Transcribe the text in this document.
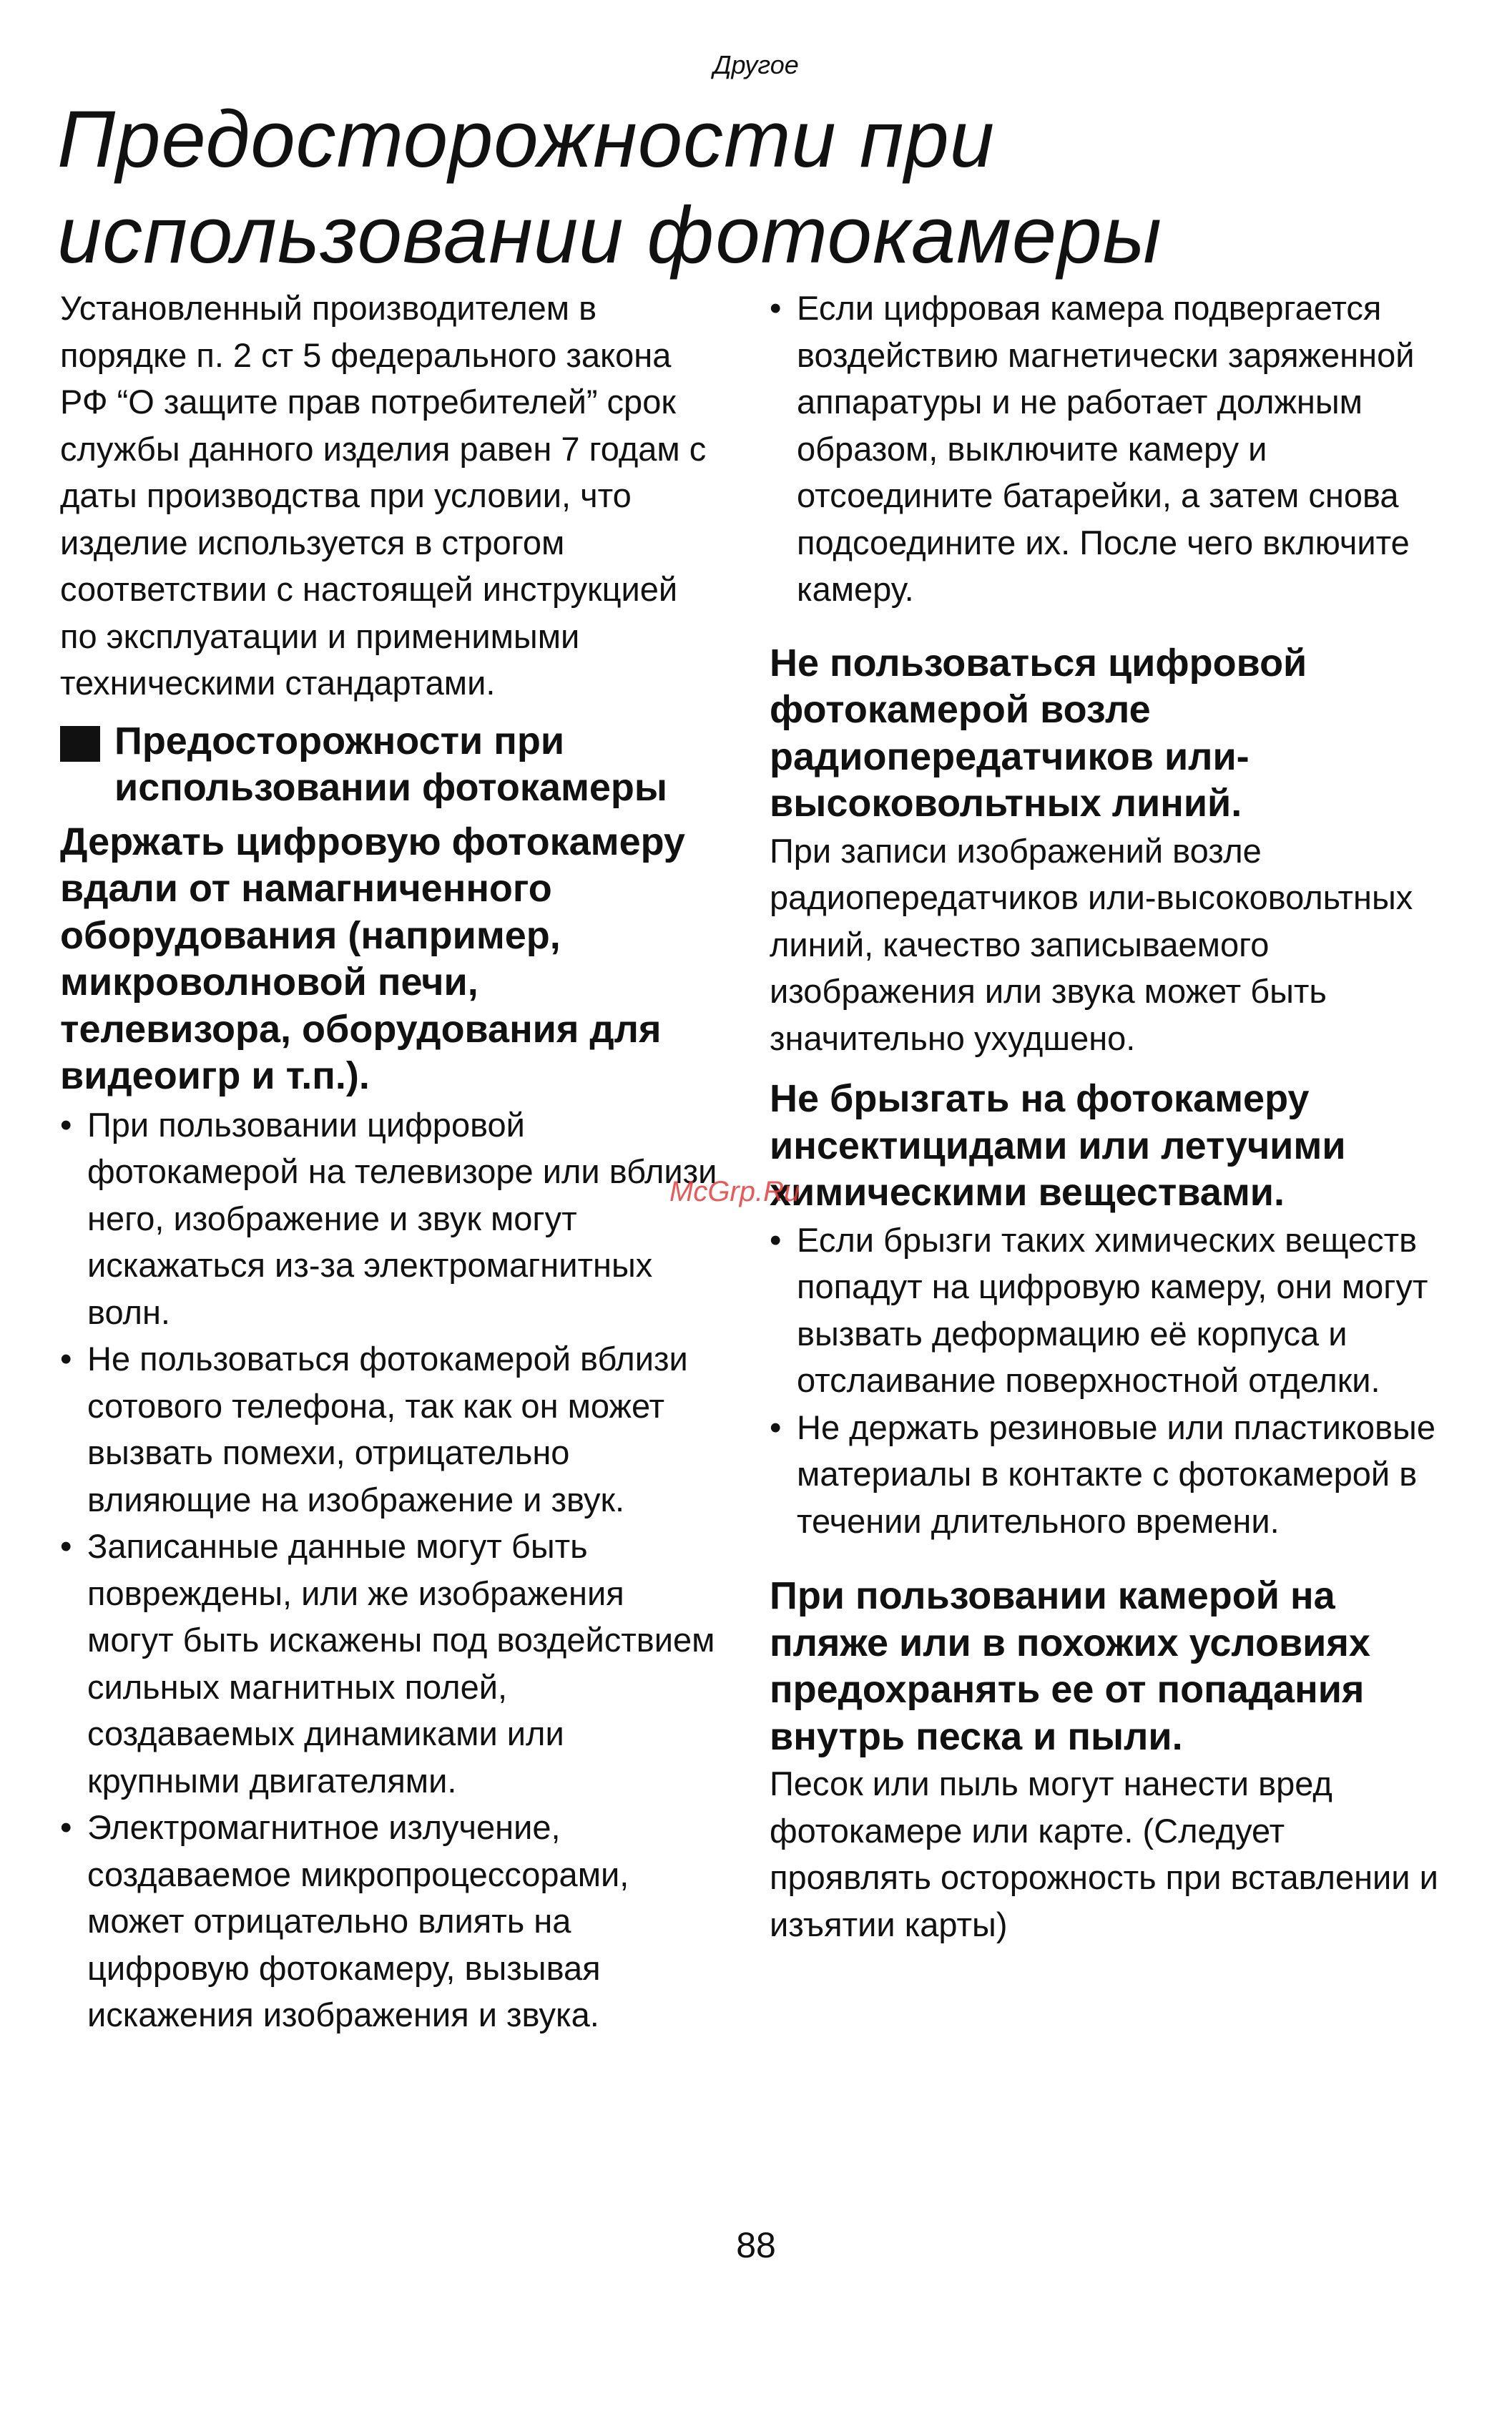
Другое
Предосторожности при использовании фотокамеры

Установленный производителем в порядке п. 2 ст 5 федерального закона РФ “О защите прав потребителей” срок службы данного изделия равен 7 годам с даты производства при условии, что изделие используется в строгом соответствии с настоящей инструкцией по эксплуатации и применимыми техническими стандартами.

Предосторожности при использовании фотокамеры
Держать цифровую фотокамеру вдали от намагниченного оборудования (например, микроволновой печи, телевизора, оборудования для видеоигр и т.п.).
• При пользовании цифровой фотокамерой на телевизоре или вблизи него, изображение и звук могут искажаться из-за электромагнитных волн.
• Не пользоваться фотокамерой вблизи сотового телефона, так как он может вызвать помехи, отрицательно влияющие на изображение и звук.
• Записанные данные могут быть повреждены, или же изображения могут быть искажены под воздействием сильных магнитных полей, создаваемых динамиками или крупными двигателями.
• Электромагнитное излучение, создаваемое микропроцессорами, может отрицательно влиять на цифровую фотокамеру, вызывая искажения изображения и звука.
• Если цифровая камера подвергается воздействию магнетически заряженной аппаратуры и не работает должным образом, выключите камеру и отсоедините батарейки, а затем снова подсоедините их. После чего включите камеру.
Не пользоваться цифровой фотокамерой возле радиопередатчиков или-высоковольтных линий.

При записи изображений возле радиопередатчиков или-высоковольтных линий, качество записываемого изображения или звука может быть значительно ухудшено.

Не брызгать на фотокамеру инсектицидами или летучими химическими веществами.
• Если брызги таких химических веществ попадут на цифровую камеру, они могут вызвать деформацию её корпуса и отслаивание поверхностной отделки.
• Не держать резиновые или пластиковые материалы в контакте с фотокамерой в течении длительного времени.
При пользовании камерой на пляже или в похожих условиях предохранять ее от попадания внутрь песка и пыли.

Песок или пыль могут нанести вред фотокамере или карте. (Следует проявлять осторожность при вставлении и изъятии карты)

McGrp.Ru
88
